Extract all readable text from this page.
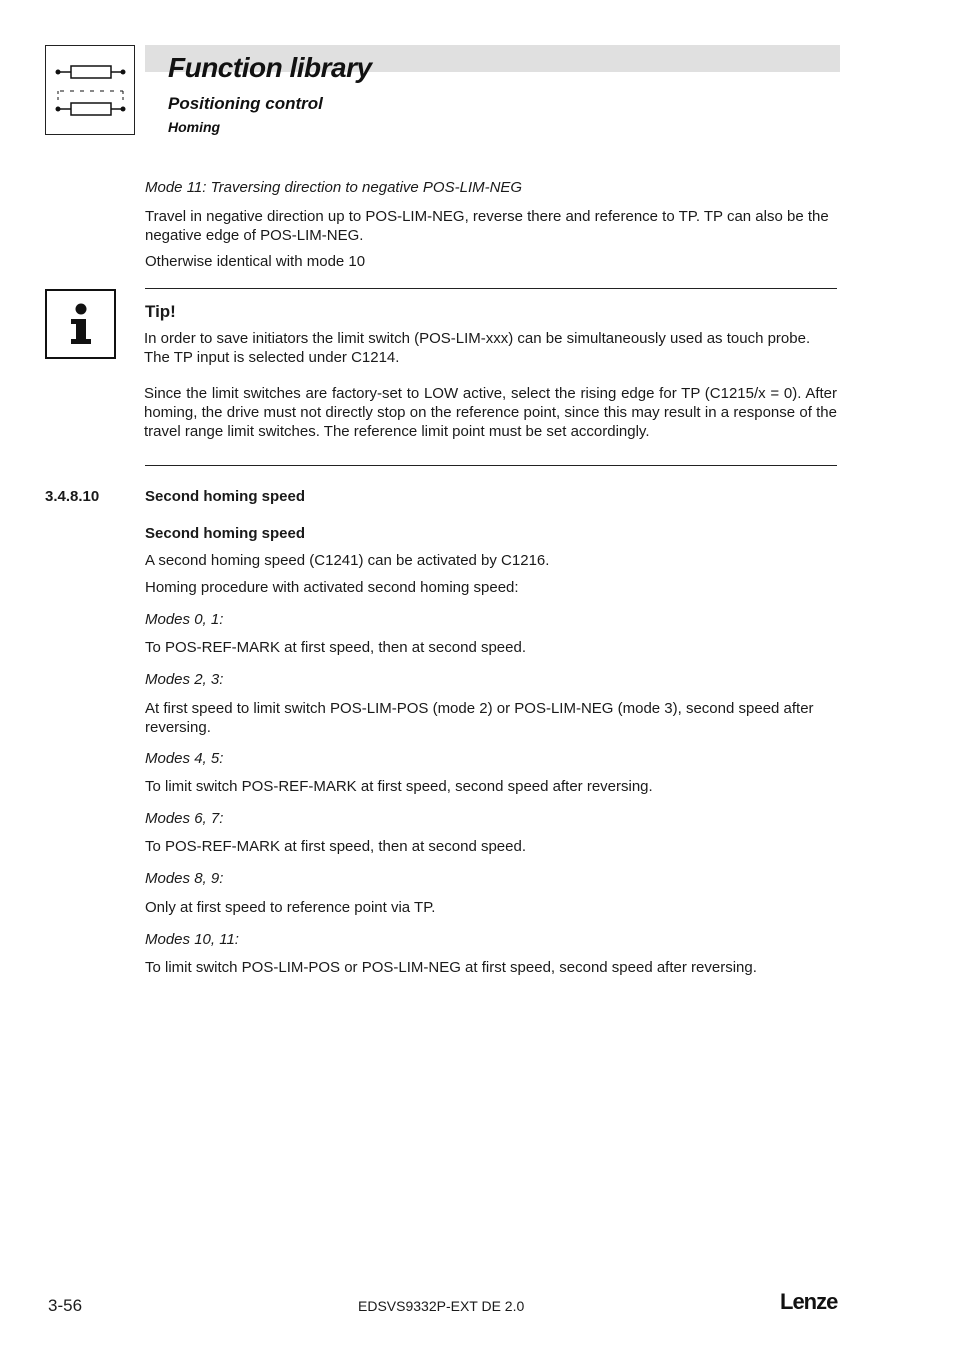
Function library
Positioning control
Homing
Mode 11: Traversing direction to negative POS-LIM-NEG
Travel in negative direction up to POS-LIM-NEG, reverse there and reference to TP. TP can also be the negative edge of POS-LIM-NEG.
Otherwise identical with mode 10
Tip!
In order to save initiators the limit switch (POS-LIM-xxx) can be simultaneously used as touch probe. The TP input is selected under C1214.
Since the limit switches are factory-set to LOW active, select the rising edge for TP (C1215/x = 0). After homing, the drive must not directly stop on the reference point, since this may result in a response of the travel range limit switches. The reference limit point must be set accordingly.
3.4.8.10	Second homing speed
Second homing speed
A second homing speed (C1241) can be activated by C1216.
Homing procedure with activated second homing speed:
Modes 0, 1:
To POS-REF-MARK at first speed, then at second speed.
Modes 2, 3:
At first speed to limit switch POS-LIM-POS (mode 2) or POS-LIM-NEG (mode 3), second speed after reversing.
Modes 4, 5:
To limit switch POS-REF-MARK at first speed, second speed after reversing.
Modes 6, 7:
To POS-REF-MARK at first speed, then at second speed.
Modes 8, 9:
Only at first speed to reference point via TP.
Modes 10, 11:
To limit switch POS-LIM-POS or POS-LIM-NEG at first speed, second speed after reversing.
3-56	EDSVS9332P-EXT DE 2.0	Lenze
